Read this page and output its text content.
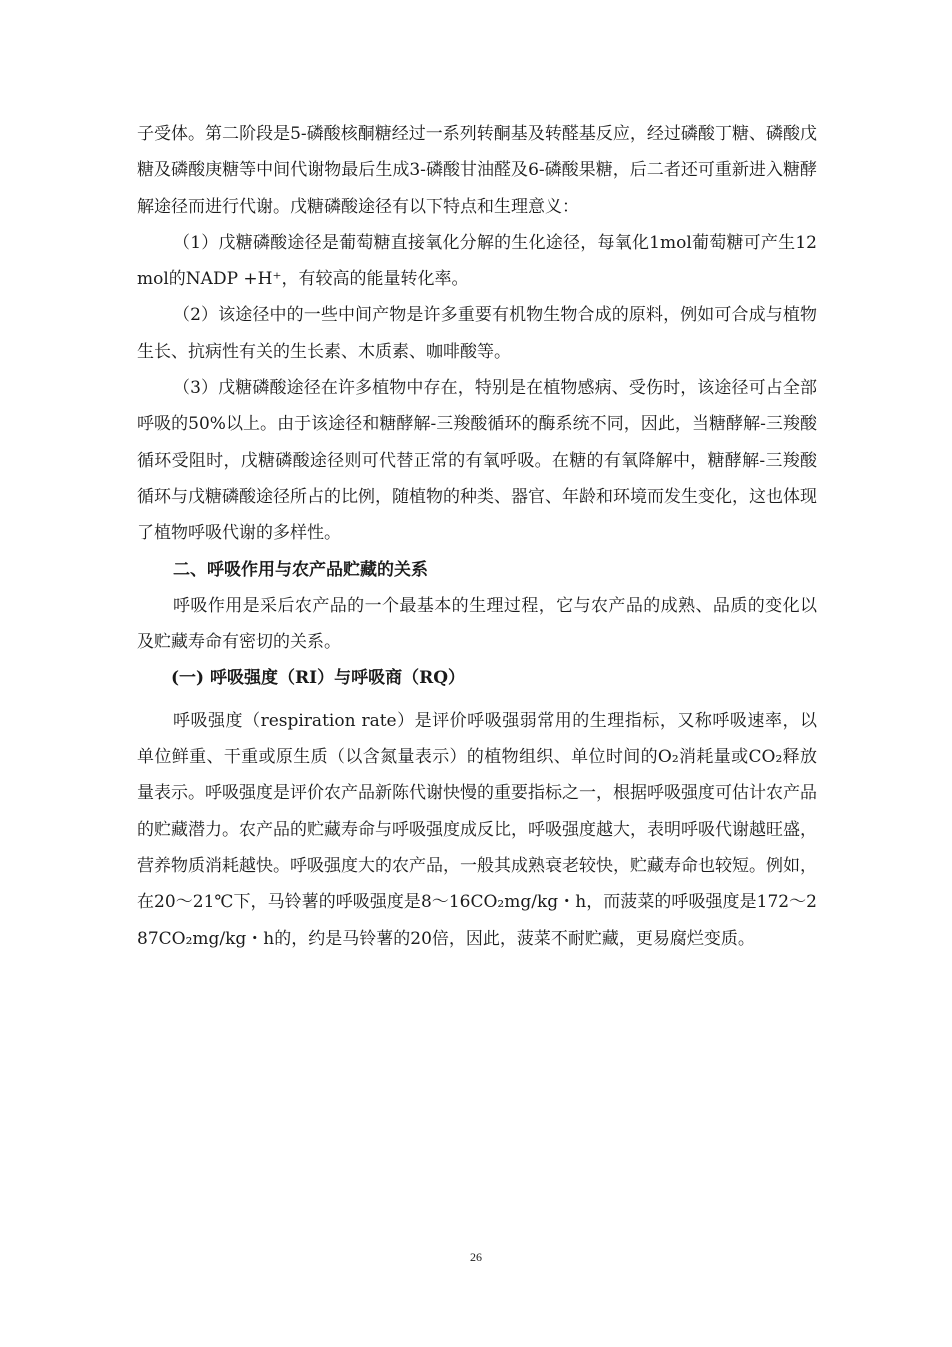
子受体。第二阶段是5-磷酸核酮糖经过一系列转酮基及转醛基反应，经过磷酸丁糖、磷酸戊糖及磷酸庚糖等中间代谢物最后生成3-磷酸甘油醛及6-磷酸果糖，后二者还可重新进入糖酵解途径而进行代谢。戊糖磷酸途径有以下特点和生理意义：

（1）戊糖磷酸途径是葡萄糖直接氧化分解的生化途径，每氧化1mol葡萄糖可产生12mol的NADP +H⁺，有较高的能量转化率。

（2）该途径中的一些中间产物是许多重要有机物生物合成的原料，例如可合成与植物生长、抗病性有关的生长素、木质素、咖啡酸等。

（3）戊糖磷酸途径在许多植物中存在，特别是在植物感病、受伤时，该途径可占全部呼吸的50%以上。由于该途径和糖酵解-三羧酸循环的酶系统不同，因此，当糖酵解-三羧酸循环受阻时，戊糖磷酸途径则可代替正常的有氧呼吸。在糖的有氧降解中，糖酵解-三羧酸循环与戊糖磷酸途径所占的比例，随植物的种类、器官、年龄和环境而发生变化，这也体现了植物呼吸代谢的多样性。

二、呼吸作用与农产品贮藏的关系

呼吸作用是采后农产品的一个最基本的生理过程，它与农产品的成熟、品质的变化以及贮藏寿命有密切的关系。

(一) 呼吸强度（RI）与呼吸商（RQ）

呼吸强度（respiration rate）是评价呼吸强弱常用的生理指标，又称呼吸速率，以单位鲜重、干重或原生质（以含氮量表示）的植物组织、单位时间的O₂消耗量或CO₂释放量表示。呼吸强度是评价农产品新陈代谢快慢的重要指标之一，根据呼吸强度可估计农产品的贮藏潜力。农产品的贮藏寿命与呼吸强度成反比，呼吸强度越大，表明呼吸代谢越旺盛，营养物质消耗越快。呼吸强度大的农产品，一般其成熟衰老较快，贮藏寿命也较短。例如，在20～21℃下，马铃薯的呼吸强度是8～16CO₂mg/kg・h，而菠菜的呼吸强度是172～287CO₂mg/kg・h的，约是马铃薯的20倍，因此，菠菜不耐贮藏，更易腐烂变质。

26
